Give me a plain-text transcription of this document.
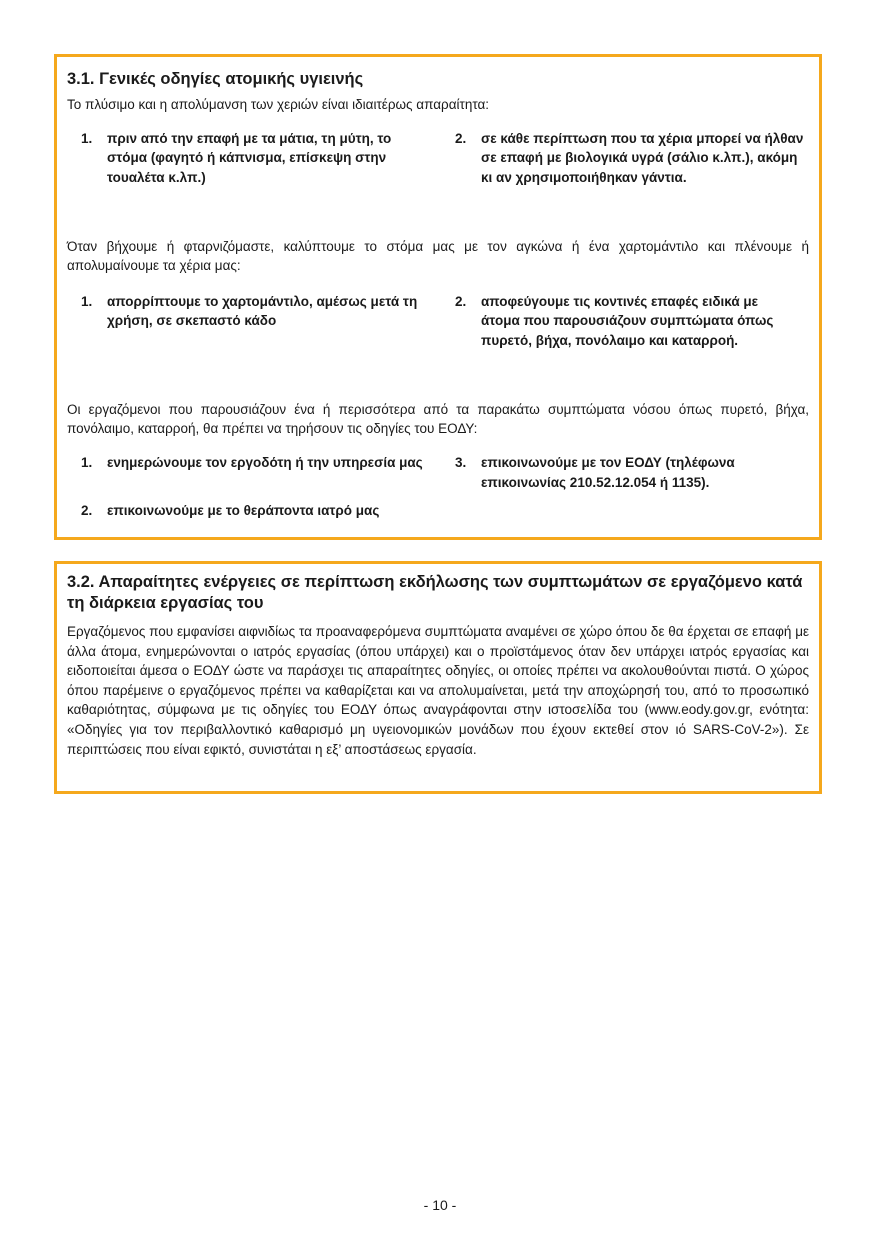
3.1. Γενικές οδηγίες ατομικής υγιεινής

Το πλύσιμο και η απολύμανση των χεριών είναι ιδιαιτέρως απαραίτητα:

1.	πριν από την επαφή με τα μάτια, τη μύτη, το στόμα (φαγητό ή κάπνισμα, επίσκεψη στην τουαλέτα κ.λπ.)
2.	σε κάθε περίπτωση που τα χέρια μπορεί να ήλθαν σε επαφή με βιολογικά υγρά (σάλιο κ.λπ.), ακόμη κι αν χρησιμοποιήθηκαν γάντια.

Όταν βήχουμε ή φταρνιζόμαστε, καλύπτουμε το στόμα μας με τον αγκώνα ή ένα χαρτομάντιλο και πλένουμε ή απολυμαίνουμε τα χέρια μας:

1.	απορρίπτουμε το χαρτομάντιλο, αμέσως μετά τη χρήση, σε σκεπαστό κάδο
2.	αποφεύγουμε τις κοντινές επαφές ειδικά με άτομα που παρουσιάζουν συμπτώματα όπως πυρετό, βήχα, πονόλαιμο και καταρροή.

Οι εργαζόμενοι που παρουσιάζουν ένα ή περισσότερα από τα παρακάτω συμπτώματα νόσου όπως πυρετό, βήχα, πονόλαιμο, καταρροή, θα πρέπει να τηρήσουν τις οδηγίες του ΕΟΔΥ:

1.	ενημερώνουμε τον εργοδότη ή την υπηρεσία μας	3.	επικοινωνούμε με τον ΕΟΔΥ (τηλέφωνα επικοινωνίας 210.52.12.054 ή 1135).
2.	επικοινωνούμε με το θεράποντα ιατρό μας
3.2. Απαραίτητες ενέργειες σε περίπτωση εκδήλωσης των συμπτωμάτων σε εργαζόμενο κατά τη διάρκεια εργασίας του

Εργαζόμενος που εμφανίσει αιφνιδίως τα προαναφερόμενα συμπτώματα αναμένει σε χώρο όπου δε θα έρχεται σε επαφή με άλλα άτομα, ενημερώνονται ο ιατρός εργασίας (όπου υπάρχει) και ο προϊστάμενος όταν δεν υπάρχει ιατρός εργασίας και ειδοποιείται άμεσα ο ΕΟΔΥ ώστε να παράσχει τις απαραίτητες οδηγίες, οι οποίες πρέπει να ακολουθούνται πιστά. Ο χώρος όπου παρέμεινε ο εργαζόμενος πρέπει να καθαρίζεται και να απολυμαίνεται, μετά την αποχώρησή του, από το προσωπικό καθαριότητας, σύμφωνα με τις οδηγίες του ΕΟΔΥ όπως αναγράφονται στην ιστοσελίδα του (www.eody.gov.gr, ενότητα: «Οδηγίες για τον περιβαλλοντικό καθαρισμό μη υγειονομικών μονάδων που έχουν εκτεθεί στον ιό SARS-CoV-2»). Σε περιπτώσεις που είναι εφικτό, συνιστάται η εξ’ αποστάσεως εργασία.

- 10 -
